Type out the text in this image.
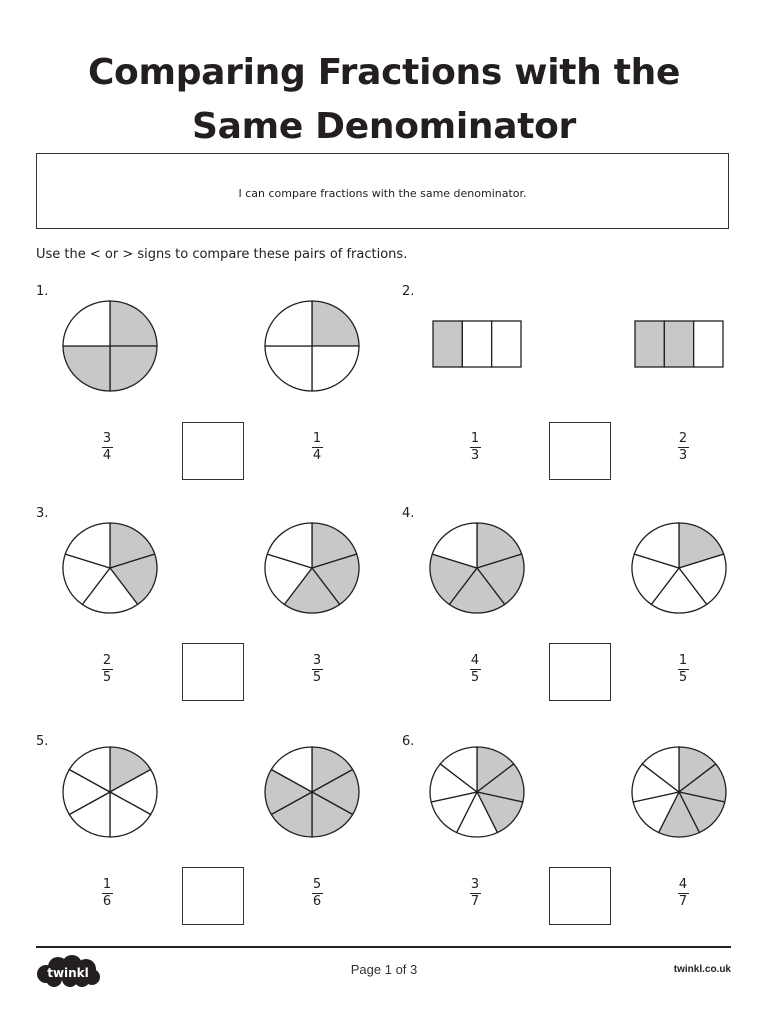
Comparing Fractions with the
Same Denominator
I can compare fractions with the same denominator.
Use the < or > signs to compare these pairs of fractions.
1.
3
4
1
4
2.
1
3
2
3
3.
2
5
3
5
4.
4
5
1
5
5.
1
6
5
6
6.
3
7
4
7
twinkl	Page 1 of 3	twinkl.co.uk
